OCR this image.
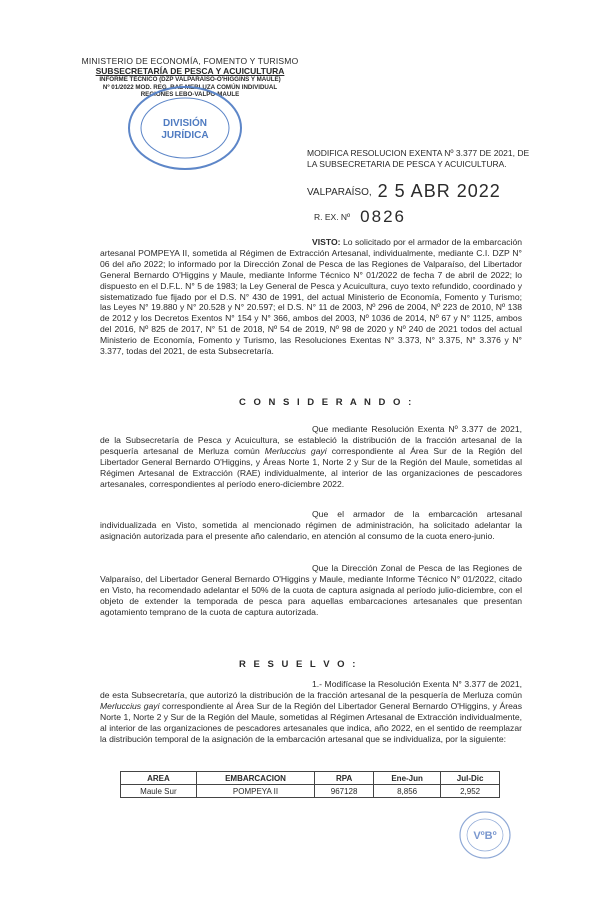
MINISTERIO DE ECONOMÍA, FOMENTO Y TURISMO
SUBSECRETARÍA DE PESCA Y ACUICULTURA
INFORME TÉCNICO (DZP VALPARAÍSO-O'HIGGINS Y MAULE)
Nº 01/2022 MOD. REG. RAE MERLUZA COMÚN INDIVIDUAL
REGIONES LEBO-VALPO-MAULE
DIVISIÓN
JURÍDICA
MODIFICA RESOLUCION EXENTA Nº 3.377 DE 2021, DE LA SUBSECRETARIA DE PESCA Y ACUICULTURA.
VALPARAÍSO, 2 5 ABR 2022
R. EX. Nº 0826
VISTO: Lo solicitado por el armador de la embarcación artesanal POMPEYA II, sometida al Régimen de Extracción Artesanal, individualmente, mediante C.I. DZP N° 06 del año 2022; lo informado por la Dirección Zonal de Pesca de las Regiones de Valparaíso, del Libertador General Bernardo O'Higgins y Maule, mediante Informe Técnico N° 01/2022 de fecha 7 de abril de 2022; lo dispuesto en el D.F.L. N° 5 de 1983; la Ley General de Pesca y Acuicultura, cuyo texto refundido, coordinado y sistematizado fue fijado por el D.S. N° 430 de 1991, del actual Ministerio de Economía, Fomento y Turismo; las Leyes N° 19.880 y N° 20.528 y N° 20.597; el D.S. N° 11 de 2003, Nº 296 de 2004, Nº 223 de 2010, Nº 138 de 2012 y los Decretos Exentos N° 154 y N° 366, ambos del 2003, Nº 1036 de 2014, Nº 67 y N° 1125, ambos del 2016, Nº 825 de 2017, N° 51 de 2018, Nº 54 de 2019, Nº 98 de 2020 y Nº 240 de 2021 todos del actual Ministerio de Economía, Fomento y Turismo, las Resoluciones Exentas N° 3.373, N° 3.375, N° 3.376 y N° 3.377, todas del 2021, de esta Subsecretaría.
C O N S I D E R A N D O :
Que mediante Resolución Exenta Nº 3.377 de 2021, de la Subsecretaría de Pesca y Acuicultura, se estableció la distribución de la fracción artesanal de la pesquería artesanal de Merluza común Merluccius gayi correspondiente al Área Sur de la Región del Libertador General Bernardo O'Higgins, y Áreas Norte 1, Norte 2 y Sur de la Región del Maule, sometidas al Régimen Artesanal de Extracción (RAE) individualmente, al interior de las organizaciones de pescadores artesanales, correspondientes al período enero-diciembre 2022.
Que el armador de la embarcación artesanal individualizada en Visto, sometida al mencionado régimen de administración, ha solicitado adelantar la asignación autorizada para el presente año calendario, en atención al consumo de la cuota enero-junio.
Que la Dirección Zonal de Pesca de las Regiones de Valparaíso, del Libertador General Bernardo O'Higgins y Maule, mediante Informe Técnico N° 01/2022, citado en Visto, ha recomendado adelantar el 50% de la cuota de captura asignada al período julio-diciembre, con el objeto de extender la temporada de pesca para aquellas embarcaciones artesanales que presentan agotamiento temprano de la cuota de captura autorizada.
R E S U E L V O :
1.- Modifícase la Resolución Exenta N° 3.377 de 2021, de esta Subsecretaría, que autorizó la distribución de la fracción artesanal de la pesquería de Merluza común Merluccius gayi correspondiente al Área Sur de la Región del Libertador General Bernardo O'Higgins, y Áreas Norte 1, Norte 2 y Sur de la Región del Maule, sometidas al Régimen Artesanal de Extracción individualmente, al interior de las organizaciones de pescadores artesanales que indica, año 2022, en el sentido de reemplazar la distribución temporal de la asignación de la embarcación artesanal que se individualiza, por la siguiente:
AREA	EMBARCACION	RPA	Ene-Jun	Jul-Dic
Maule Sur	POMPEYA II	967128	8,856	2,952
VºBº
